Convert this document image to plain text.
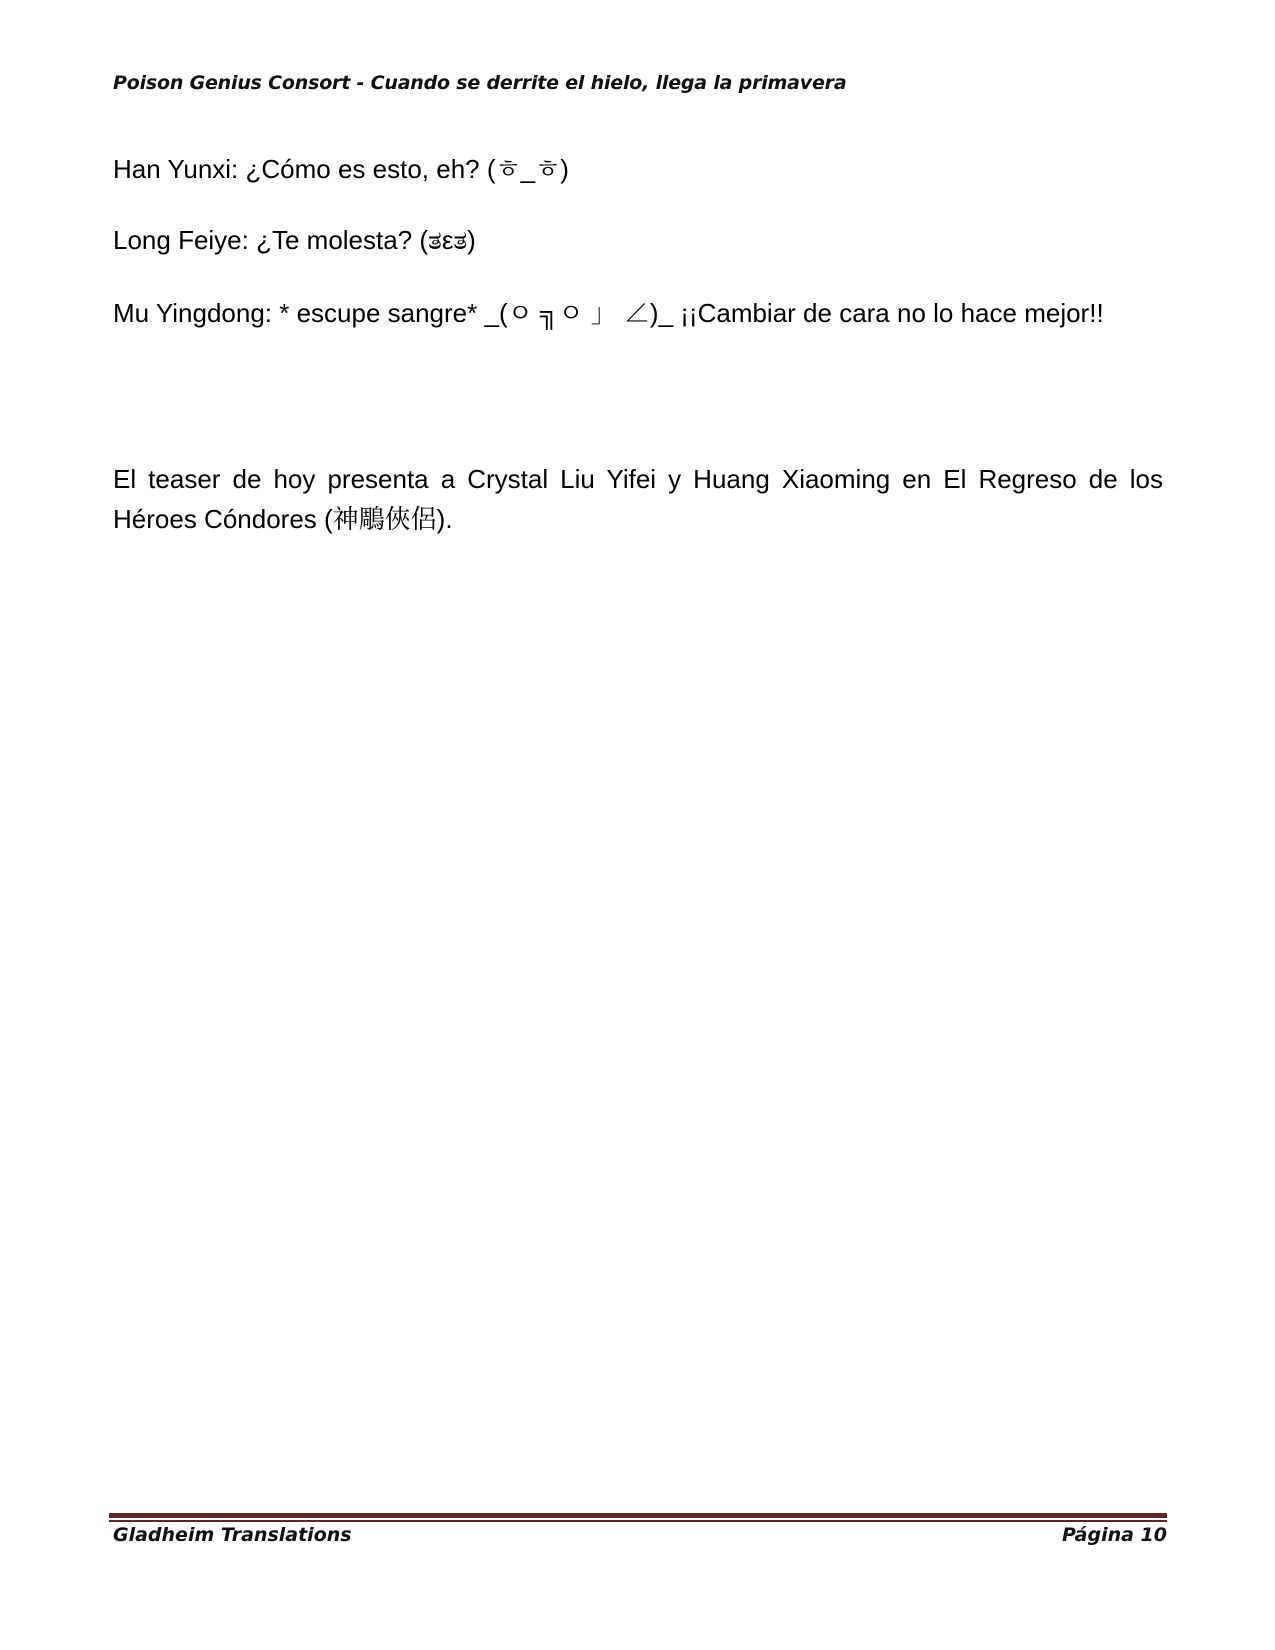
Poison Genius Consort - Cuando se derrite el hielo, llega la primavera

Han Yunxi: ¿Cómo es esto, eh? (ㅎ_ㅎ)

Long Feiye: ¿Te molesta? (ತεತ)

Mu Yingdong: * escupe sangre* _(ㅇ ╗ㅇ 」 ∠)_ ¡¡Cambiar de cara no lo hace mejor!!

El teaser de hoy presenta a Crystal Liu Yifei y Huang Xiaoming en El Regreso de los Héroes Cóndores (神鵰俠侶).

Gladheim Translations	Página 10
